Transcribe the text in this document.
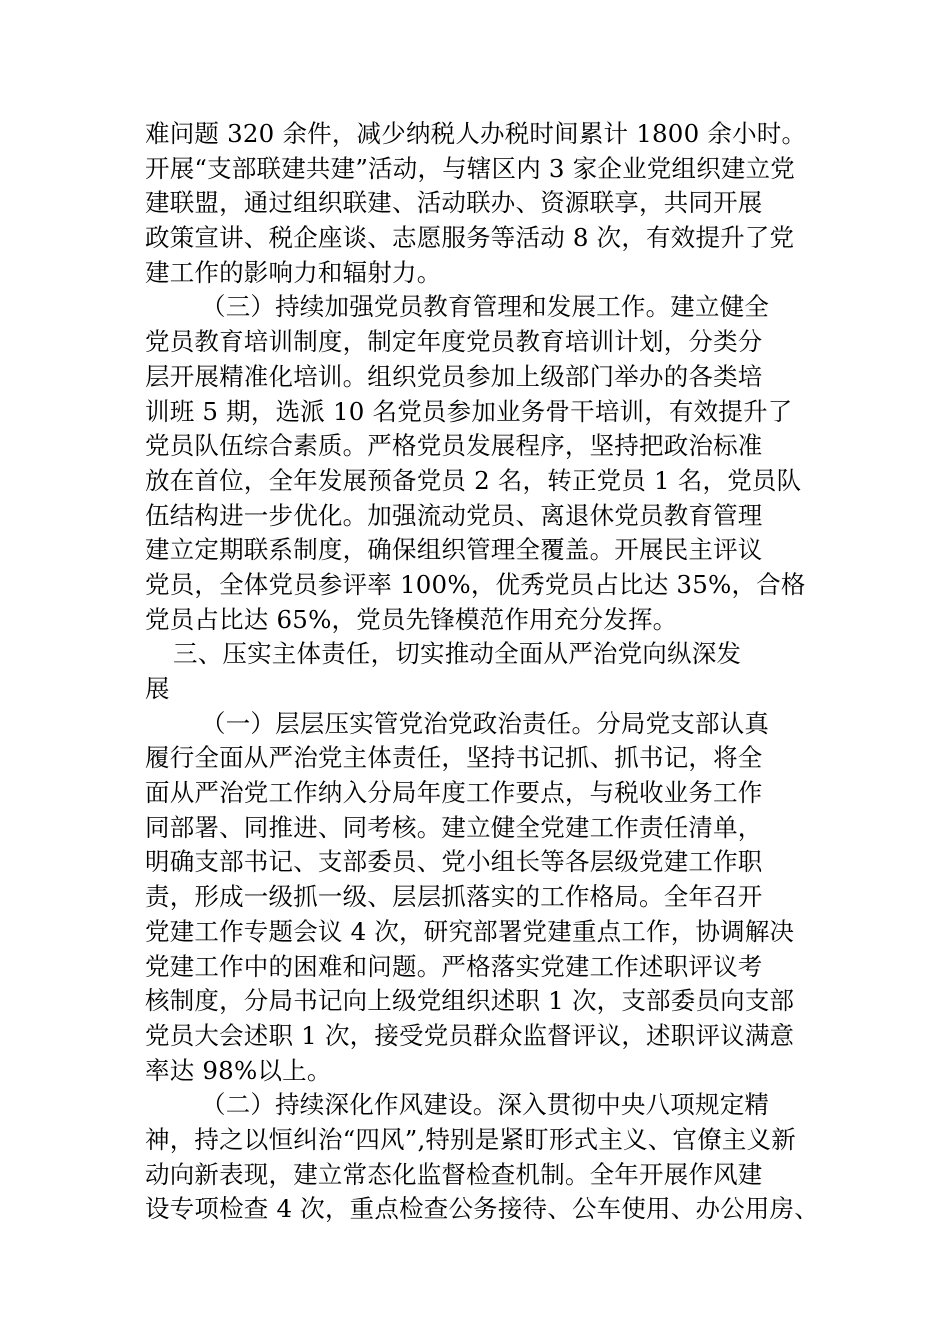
难问题 320 余件，减少纳税人办税时间累计 1800 余小时。
开展“支部联建共建”活动，与辖区内 3 家企业党组织建立党
建联盟，通过组织联建、活动联办、资源联享，共同开展
政策宣讲、税企座谈、志愿服务等活动 8 次，有效提升了党
建工作的影响力和辐射力。
（三）持续加强党员教育管理和发展工作。建立健全
党员教育培训制度，制定年度党员教育培训计划，分类分
层开展精准化培训。组织党员参加上级部门举办的各类培
训班 5 期，选派 10 名党员参加业务骨干培训，有效提升了
党员队伍综合素质。严格党员发展程序，坚持把政治标准
放在首位，全年发展预备党员 2 名，转正党员 1 名，党员队
伍结构进一步优化。加强流动党员、离退休党员教育管理
建立定期联系制度，确保组织管理全覆盖。开展民主评议
党员，全体党员参评率 100%，优秀党员占比达 35%，合格
党员占比达 65%，党员先锋模范作用充分发挥。
三、压实主体责任，切实推动全面从严治党向纵深发
展
（一）层层压实管党治党政治责任。分局党支部认真
履行全面从严治党主体责任，坚持书记抓、抓书记，将全
面从严治党工作纳入分局年度工作要点，与税收业务工作
同部署、同推进、同考核。建立健全党建工作责任清单，
明确支部书记、支部委员、党小组长等各层级党建工作职
责，形成一级抓一级、层层抓落实的工作格局。全年召开
党建工作专题会议 4 次，研究部署党建重点工作，协调解决
党建工作中的困难和问题。严格落实党建工作述职评议考
核制度，分局书记向上级党组织述职 1 次，支部委员向支部
党员大会述职 1 次，接受党员群众监督评议，述职评议满意
率达 98%以上。
（二）持续深化作风建设。深入贯彻中央八项规定精
神，持之以恒纠治“四风”,特别是紧盯形式主义、官僚主义新
动向新表现，建立常态化监督检查机制。全年开展作风建
设专项检查 4 次，重点检查公务接待、公车使用、办公用房、
